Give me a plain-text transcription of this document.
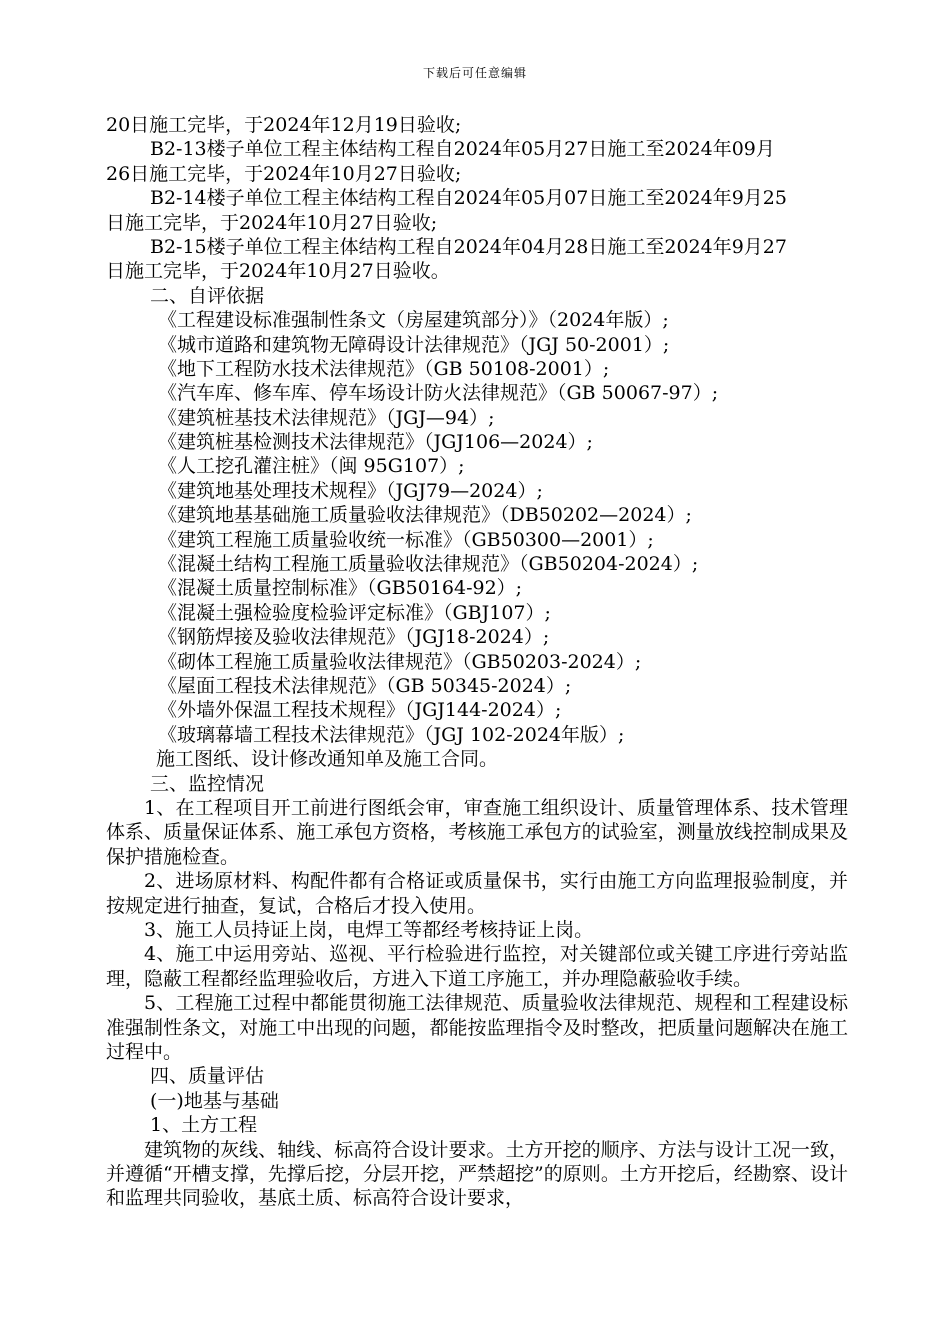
下载后可任意编辑
20日施工完毕，于2024年12月19日验收;
B2-13楼子单位工程主体结构工程自2024年05月27日施工至2024年09月
26日施工完毕，于2024年10月27日验收;
B2-14楼子单位工程主体结构工程自2024年05月07日施工至2024年9月25
日施工完毕，于2024年10月27日验收;
B2-15楼子单位工程主体结构工程自2024年04月28日施工至2024年9月27
日施工完毕，于2024年10月27日验收。
二、自评依据
《工程建设标准强制性条文（房屋建筑部分）》（2024年版）;
《城市道路和建筑物无障碍设计法律规范》（JGJ 50-2001）;
《地下工程防水技术法律规范》（GB 50108-2001）;
《汽车库、修车库、停车场设计防火法律规范》（GB 50067-97）;
《建筑桩基技术法律规范》（JGJ—94）;
《建筑桩基检测技术法律规范》（JGJ106—2024）;
《人工挖孔灌注桩》（闽 95G107）;
《建筑地基处理技术规程》（JGJ79—2024）;
《建筑地基基础施工质量验收法律规范》（DB50202—2024）;
《建筑工程施工质量验收统一标准》（GB50300—2001）;
《混凝土结构工程施工质量验收法律规范》（GB50204-2024）;
《混凝土质量控制标准》（GB50164-92）;
《混凝土强检验度检验评定标准》（GBJ107）;
《钢筋焊接及验收法律规范》（JGJ18-2024）;
《砌体工程施工质量验收法律规范》（GB50203-2024）;
《屋面工程技术法律规范》（GB 50345-2024）;
《外墙外保温工程技术规程》（JGJ144-2024）;
《玻璃幕墙工程技术法律规范》（JGJ 102-2024年版）;
施工图纸、设计修改通知单及施工合同。
三、监控情况

1、在工程项目开工前进行图纸会审，审查施工组织设计、质量管理体系、技术管理体系、质量保证体系、施工承包方资格，考核施工承包方的试验室，测量放线控制成果及保护措施检查。

2、进场原材料、构配件都有合格证或质量保书，实行由施工方向监理报验制度，并按规定进行抽查，复试，合格后才投入使用。

3、施工人员持证上岗，电焊工等都经考核持证上岗。

4、施工中运用旁站、巡视、平行检验进行监控，对关键部位或关键工序进行旁站监理，隐蔽工程都经监理验收后，方进入下道工序施工，并办理隐蔽验收手续。

5、工程施工过程中都能贯彻施工法律规范、质量验收法律规范、规程和工程建设标准强制性条文，对施工中出现的问题，都能按监理指令及时整改，把质量问题解决在施工过程中。

四、质量评估
(一)地基与基础
1、土方工程

建筑物的灰线、轴线、标高符合设计要求。土方开挖的顺序、方法与设计工况一致，并遵循“开槽支撑，先撑后挖，分层开挖，严禁超挖”的原则。土方开挖后，经勘察、设计和监理共同验收，基底土质、标高符合设计要求，
